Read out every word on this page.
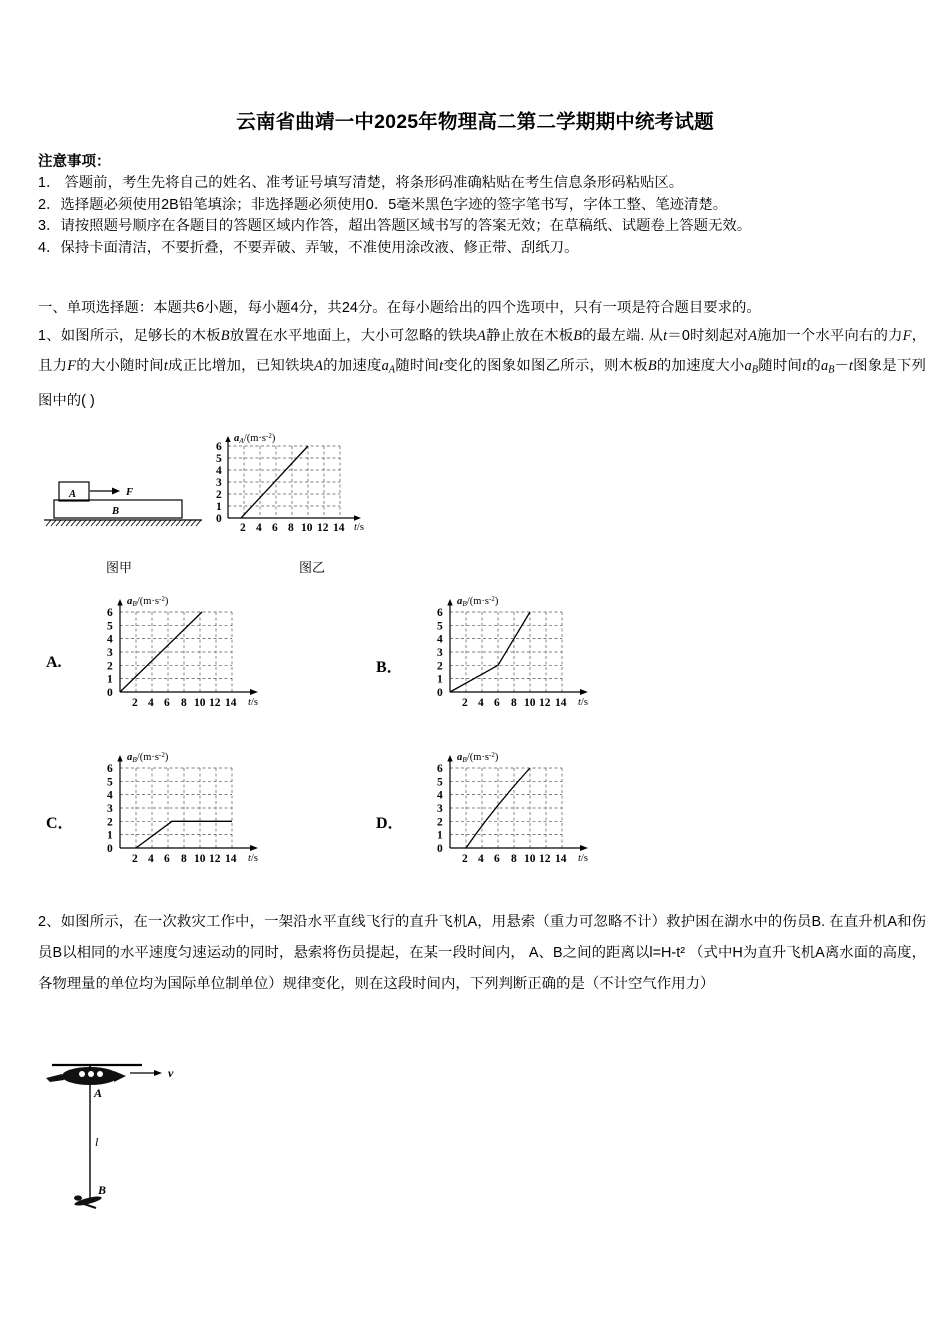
云南省曲靖一中2025年物理高二第二学期期中统考试题
注意事项：
1． 答题前，考生先将自己的姓名、准考证号填写清楚，将条形码准确粘贴在考生信息条形码粘贴区。
2．选择题必须使用2B铅笔填涂；非选择题必须使用0．5毫米黑色字迹的签字笔书写，字体工整、笔迹清楚。
3．请按照题号顺序在各题目的答题区域内作答，超出答题区域书写的答案无效；在草稿纸、试题卷上答题无效。
4．保持卡面清洁，不要折叠，不要弄破、弄皱，不准使用涂改液、修正带、刮纸刀。
一、单项选择题：本题共6小题，每小题4分，共24分。在每小题给出的四个选项中，只有一项是符合题目要求的。
1、如图所示，足够长的木板B放置在水平地面上，大小可忽略的铁块A静止放在木板B的最左端. 从t＝0时刻起对A施加一个水平向右的力F，且力F的大小随时间t成正比增加，已知铁块A的加速度$a_A$随时间t变化的图象如图乙所示，则木板B的加速度大小$a_B$随时间t的$a_B-t$图象是下列图中的( )
A
B
F
图甲
6
5
4
3
2
1
0
2 4 6 8 10 12 14
$aA/(m\cdot s^{-2})$
t/s
图乙
A.
6
5
4
3
2
1
0
2 4 6 8 10 12 14
$aB/(m\cdot s^{-2})$
t/s
B．
6
5
4
3
2
1
0
2 4 6 8 10 12 14
$aB/(m\cdot s^{-2})$
t/s
C．
6
5
4
3
2
1
0
2 4 6 8 10 12 14
$aB/(m\cdot s^{-2})$
t/s
D．
6
5
4
3
2
1
0
2 4 6 8 10 12 14
$aB/(m\cdot s^{-2})$
t/s
2、如图所示，在一次救灾工作中，一架沿水平直线飞行的直升飞机A，用悬索（重力可忽略不计）救护困在湖水中的伤员B. 在直升机A和伤员B以相同的水平速度匀速运动的同时，悬索将伤员提起，在某一段时间内， A、B之间的距离以l=H-t² （式中H为直升飞机A离水面的高度，各物理量的单位均为国际单位制单位）规律变化，则在这段时间内，下列判断正确的是（不计空气作用力）
A
v
l
B
